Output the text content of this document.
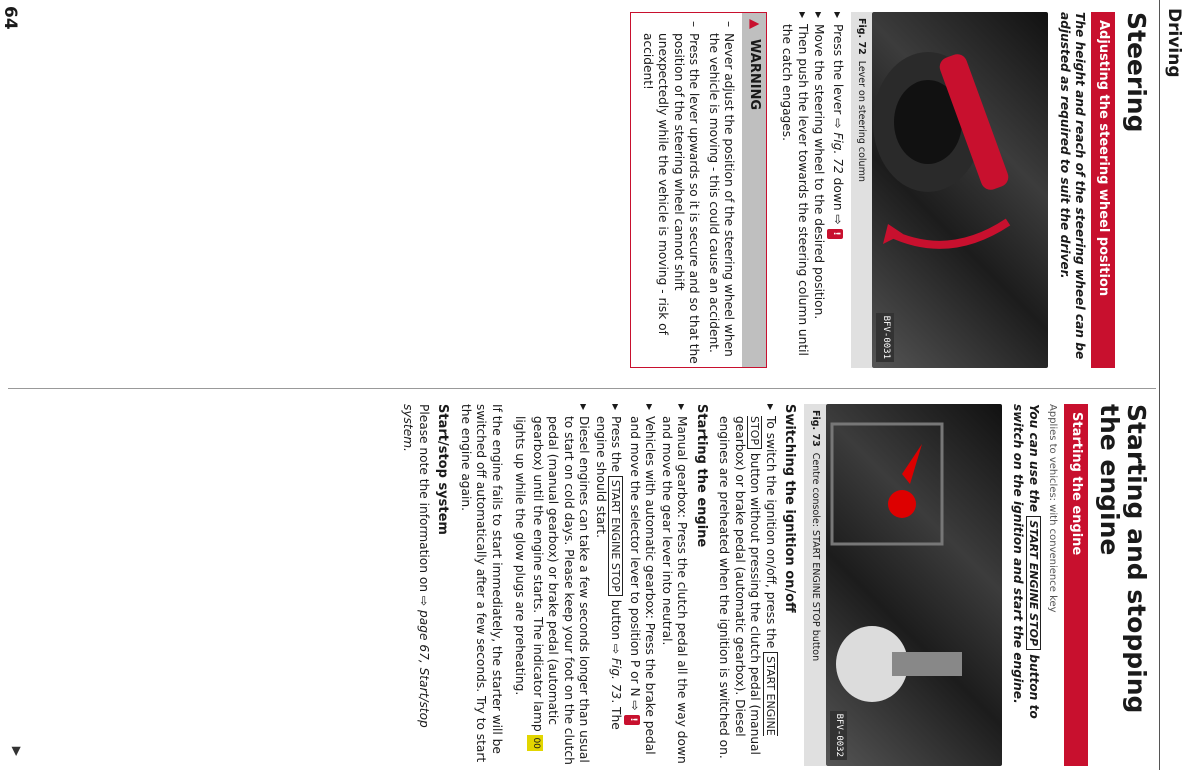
Driving
Steering
Adjusting the steering wheel position
The height and reach of the steering wheel can be adjusted as required to suit the driver.
BFV-0031
Fig. 72Lever on steering column
▶ Press the lever ⇨ Fig. 72 down ⇨ !
▶ Move the steering wheel to the desired position.
▶ Then push the lever towards the steering column until the catch engages.
▲WARNING
– Never adjust the position of the steering wheel when the vehicle is moving - this could cause an accident.
– Press the lever upwards so it is secure and so that the position of the steering wheel cannot shift unexpectedly while the vehicle is moving - risk of accident!
Starting and stopping the engine
Starting the engine
Applies to vehicles: with convenience key
You can use the START ENGINE STOP button to switch on the ignition and start the engine.
BFV-0032
Fig. 73Centre console: START ENGINE STOP button
Switching the ignition on/off
▶ To switch the ignition on/off, press the START ENGINE STOP button without pressing the clutch pedal (manual gearbox) or brake pedal (automatic gearbox). Diesel engines are preheated when the ignition is switched on.
Starting the engine
▶ Manual gearbox: Press the clutch pedal all the way down and move the gear lever into neutral.
▶ Vehicles with automatic gearbox: Press the brake pedal and move the selector lever to position P or N ⇨ !
▶ Press the START ENGINE STOP button ⇨ Fig. 73. The engine should start.
▶ Diesel engines can take a few seconds longer than usual to start on cold days. Please keep your foot on the clutch pedal (manual gearbox) or brake pedal (automatic gearbox) until the engine starts. The indicator lamp 00 lights up while the glow plugs are preheating.
If the engine fails to start immediately, the starter will be switched off automatically after a few seconds. Try to start the engine again.
Start/stop system
Please note the information on ⇨ page 67, Start/stop system.
▶
64
